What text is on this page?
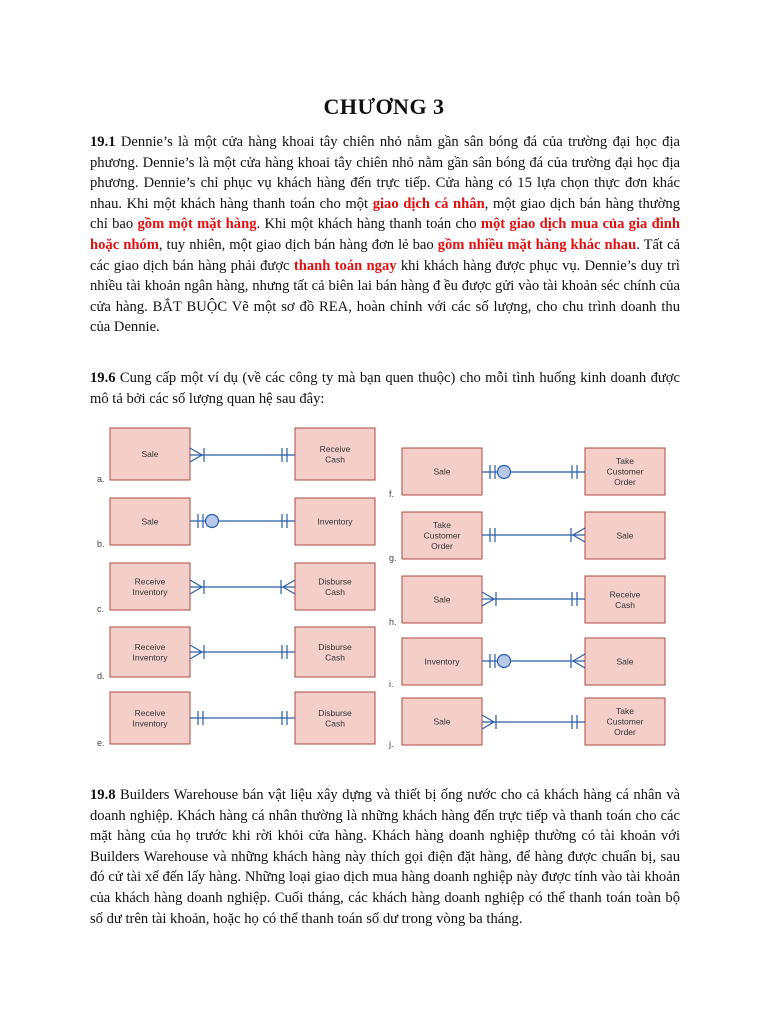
CHƯƠNG 3
19.1 Dennie’s là một cửa hàng khoai tây chiên nhỏ nằm gần sân bóng đá của trường đại học địa phương. Dennie’s là một cửa hàng khoai tây chiên nhỏ nằm gần sân bóng đá của trường đại học địa phương. Dennie’s chỉ phục vụ khách hàng đến trực tiếp. Cửa hàng có 15 lựa chọn thực đơn khác nhau. Khi một khách hàng thanh toán cho một giao dịch cá nhân, một giao dịch bán hàng thường chỉ bao gồm một mặt hàng. Khi một khách hàng thanh toán cho một giao dịch mua của gia đình hoặc nhóm, tuy nhiên, một giao dịch bán hàng đơn lẻ bao gồm nhiều mặt hàng khác nhau. Tất cả các giao dịch bán hàng phải được thanh toán ngay khi khách hàng được phục vụ. Dennie’s duy trì nhiều tài khoản ngân hàng, nhưng tất cả biên lai bán hàng đ ều được gửi vào tài khoản séc chính của cửa hàng. BẮT BUỘC Vẽ một sơ đồ REA, hoàn chỉnh với các số lượng, cho chu trình doanh thu của Dennie.
19.6 Cung cấp một ví dụ (về các công ty mà bạn quen thuộc) cho mỗi tình huống kinh doanh được mô tả bởi các số lượng quan hệ sau đây:
Sale
Receive
Cash
a.
Sale	Inventory
b.
Receive
Inventory
Disburse
Cash
c.
Receive
Inventory
Disburse
Cash
d.
Receive
Inventory
Disburse
Cash
e.
Sale
Take
Customer
Order
f.
Take
Customer
Order
Sale
g.
Sale
Receive
Cash
h.
Inventory	Sale
i.
Sale
Take
Customer
Order
j.
19.8 Builders Warehouse bán vật liệu xây dựng và thiết bị ống nước cho cả khách hàng cá nhân và doanh nghiệp. Khách hàng cá nhân thường là những khách hàng đến trực tiếp và thanh toán cho các mặt hàng của họ trước khi rời khỏi cửa hàng. Khách hàng doanh nghiệp thường có tài khoản với Builders Warehouse và những khách hàng này thích gọi điện đặt hàng, để hàng được chuẩn bị, sau đó cử tài xế đến lấy hàng. Những loại giao dịch mua hàng doanh nghiệp này được tính vào tài khoản của khách hàng doanh nghiệp. Cuối tháng, các khách hàng doanh nghiệp có thể thanh toán toàn bộ số dư trên tài khoản, hoặc họ có thể thanh toán số dư trong vòng ba tháng.
